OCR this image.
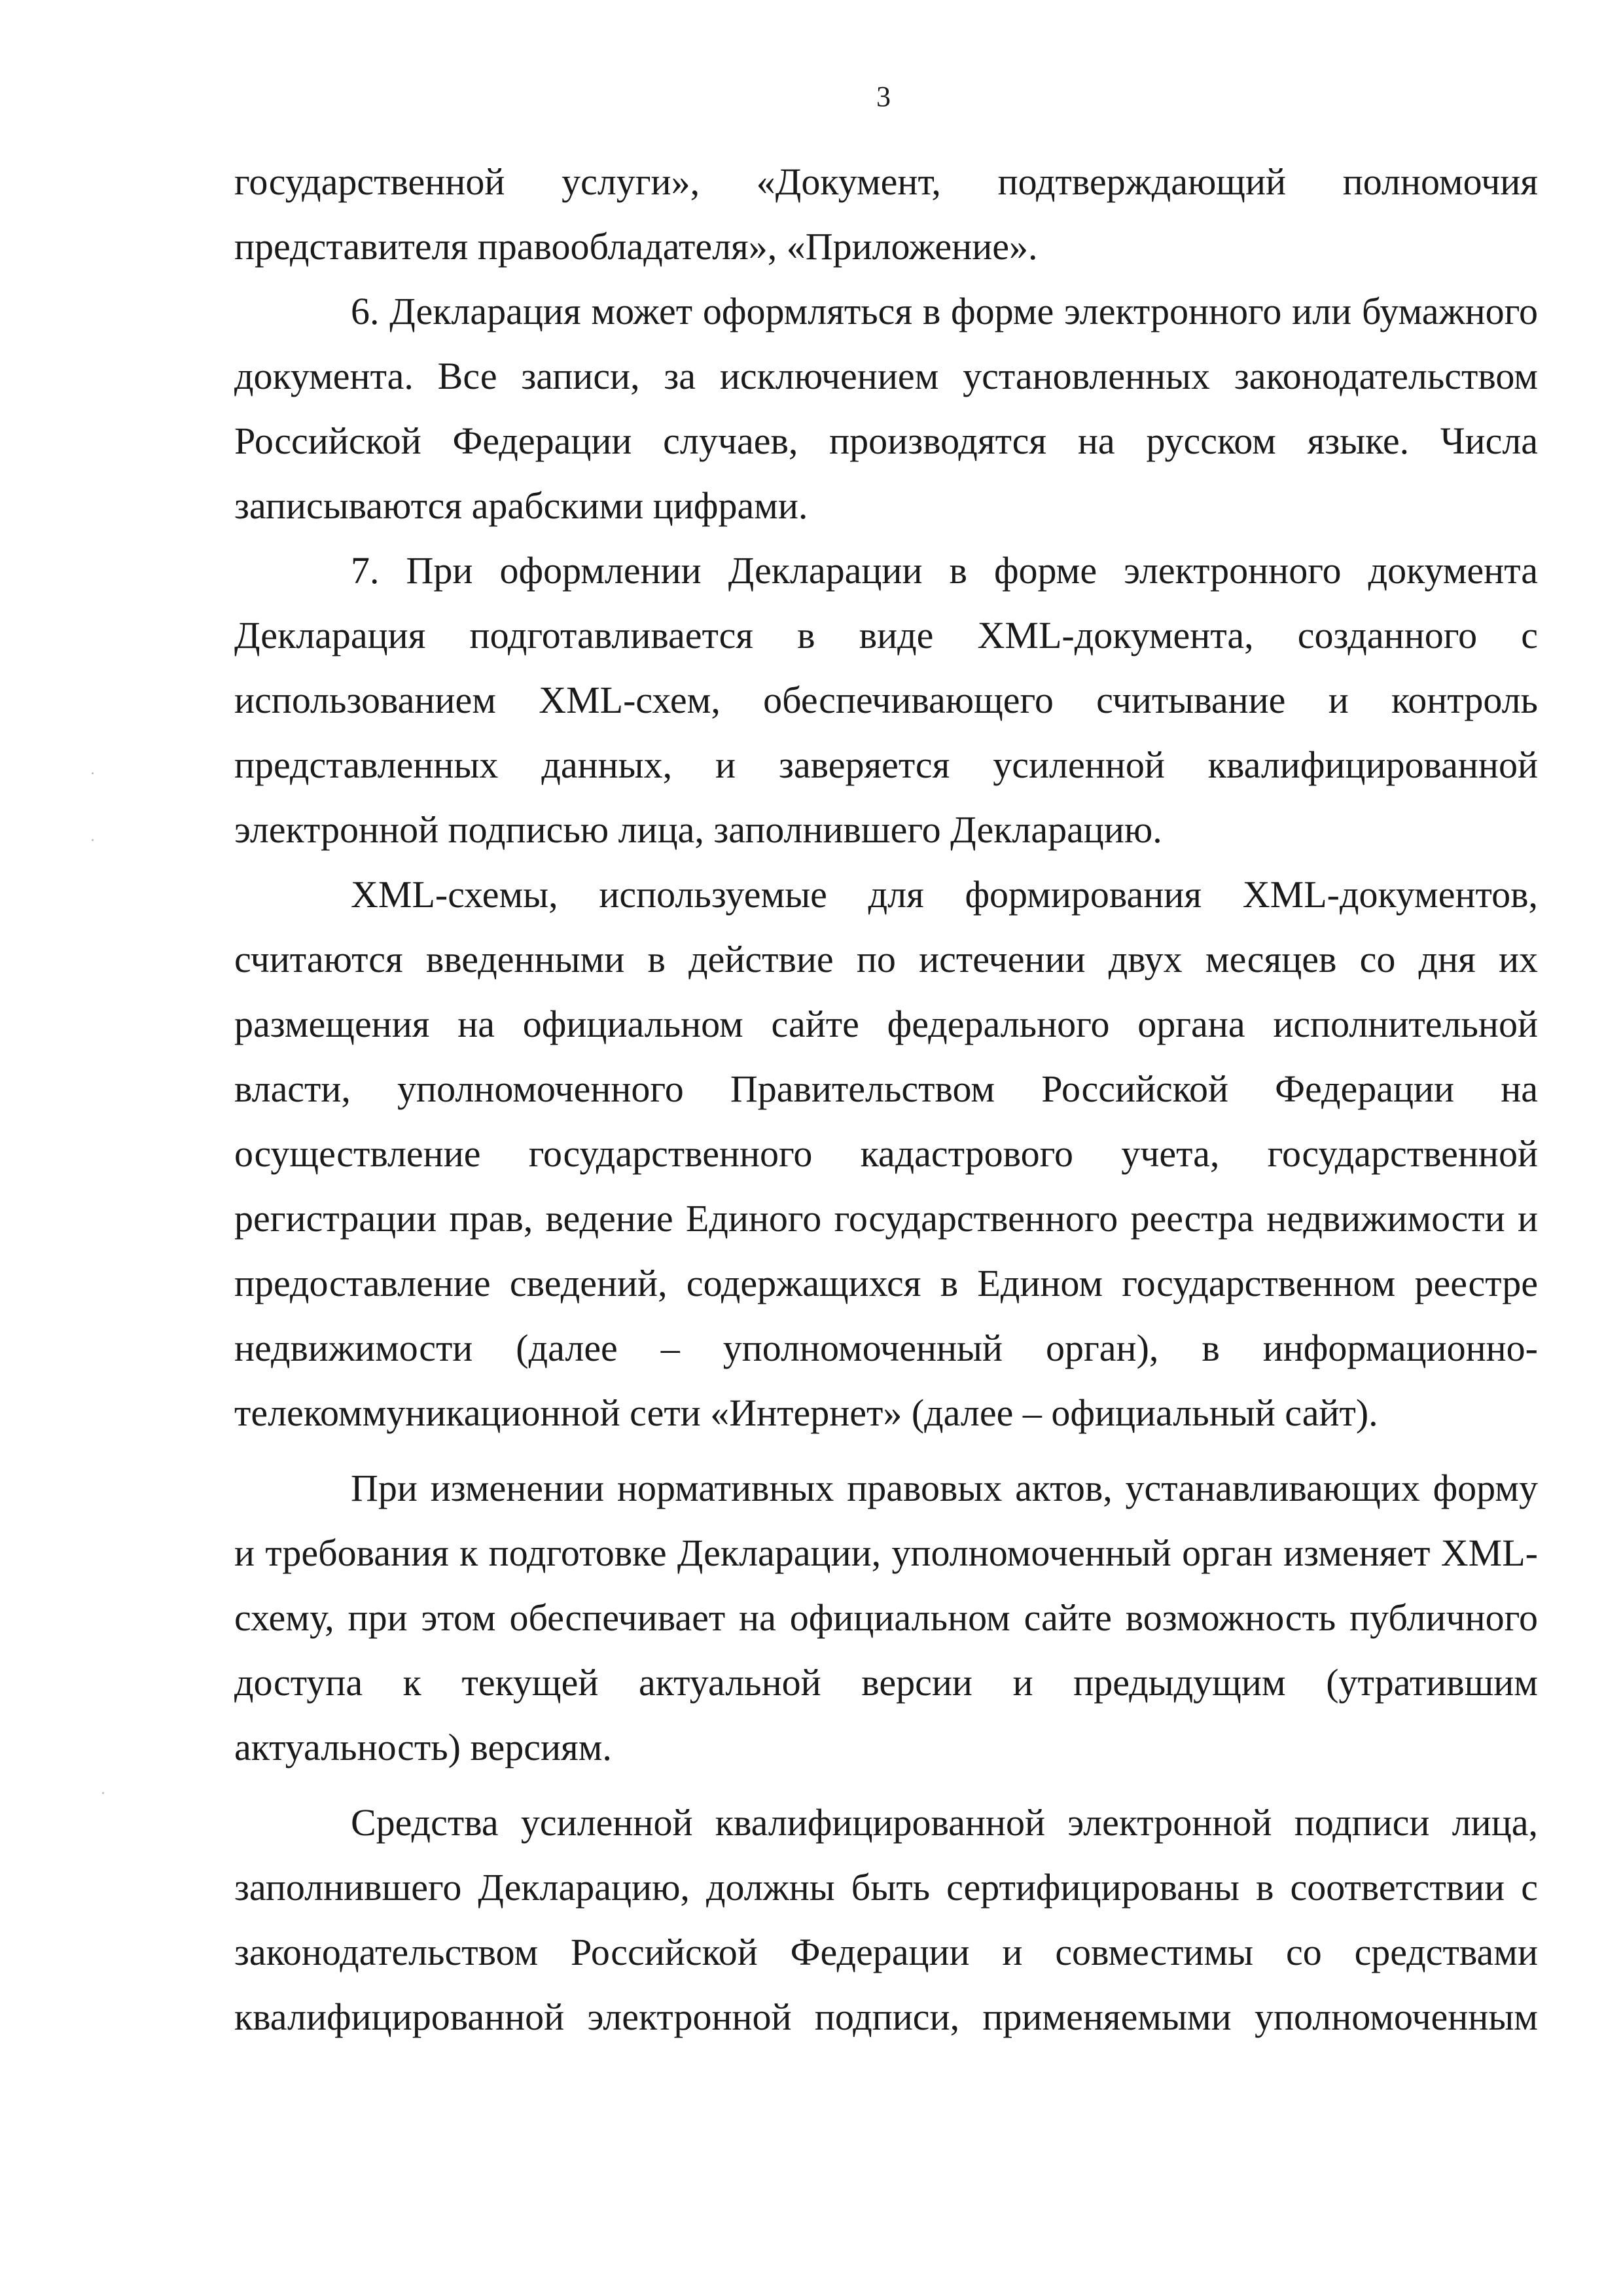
3

государственной услуги», «Документ, подтверждающий полномочия представителя правообладателя», «Приложение».

6. Декларация может оформляться в форме электронного или бумажного документа. Все записи, за исключением установленных законодательством Российской Федерации случаев, производятся на русском языке. Числа записываются арабскими цифрами.

7. При оформлении Декларации в форме электронного документа Декларация подготавливается в виде XML-документа, созданного с использованием XML-схем, обеспечивающего считывание и контроль представленных данных, и заверяется усиленной квалифицированной электронной подписью лица, заполнившего Декларацию.

XML-схемы, используемые для формирования XML-документов, считаются введенными в действие по истечении двух месяцев со дня их размещения на официальном сайте федерального органа исполнительной власти, уполномоченного Правительством Российской Федерации на осуществление государственного кадастрового учета, государственной регистрации прав, ведение Единого государственного реестра недвижимости и предоставление сведений, содержащихся в Едином государственном реестре недвижимости (далее – уполномоченный орган), в информационно-телекоммуникационной сети «Интернет» (далее – официальный сайт).

При изменении нормативных правовых актов, устанавливающих форму и требования к подготовке Декларации, уполномоченный орган изменяет XML-схему, при этом обеспечивает на официальном сайте возможность публичного доступа к текущей актуальной версии и предыдущим (утратившим актуальность) версиям.

Средства усиленной квалифицированной электронной подписи лица, заполнившего Декларацию, должны быть сертифицированы в соответствии с законодательством Российской Федерации и совместимы со средствами квалифицированной электронной подписи, применяемыми уполномоченным
